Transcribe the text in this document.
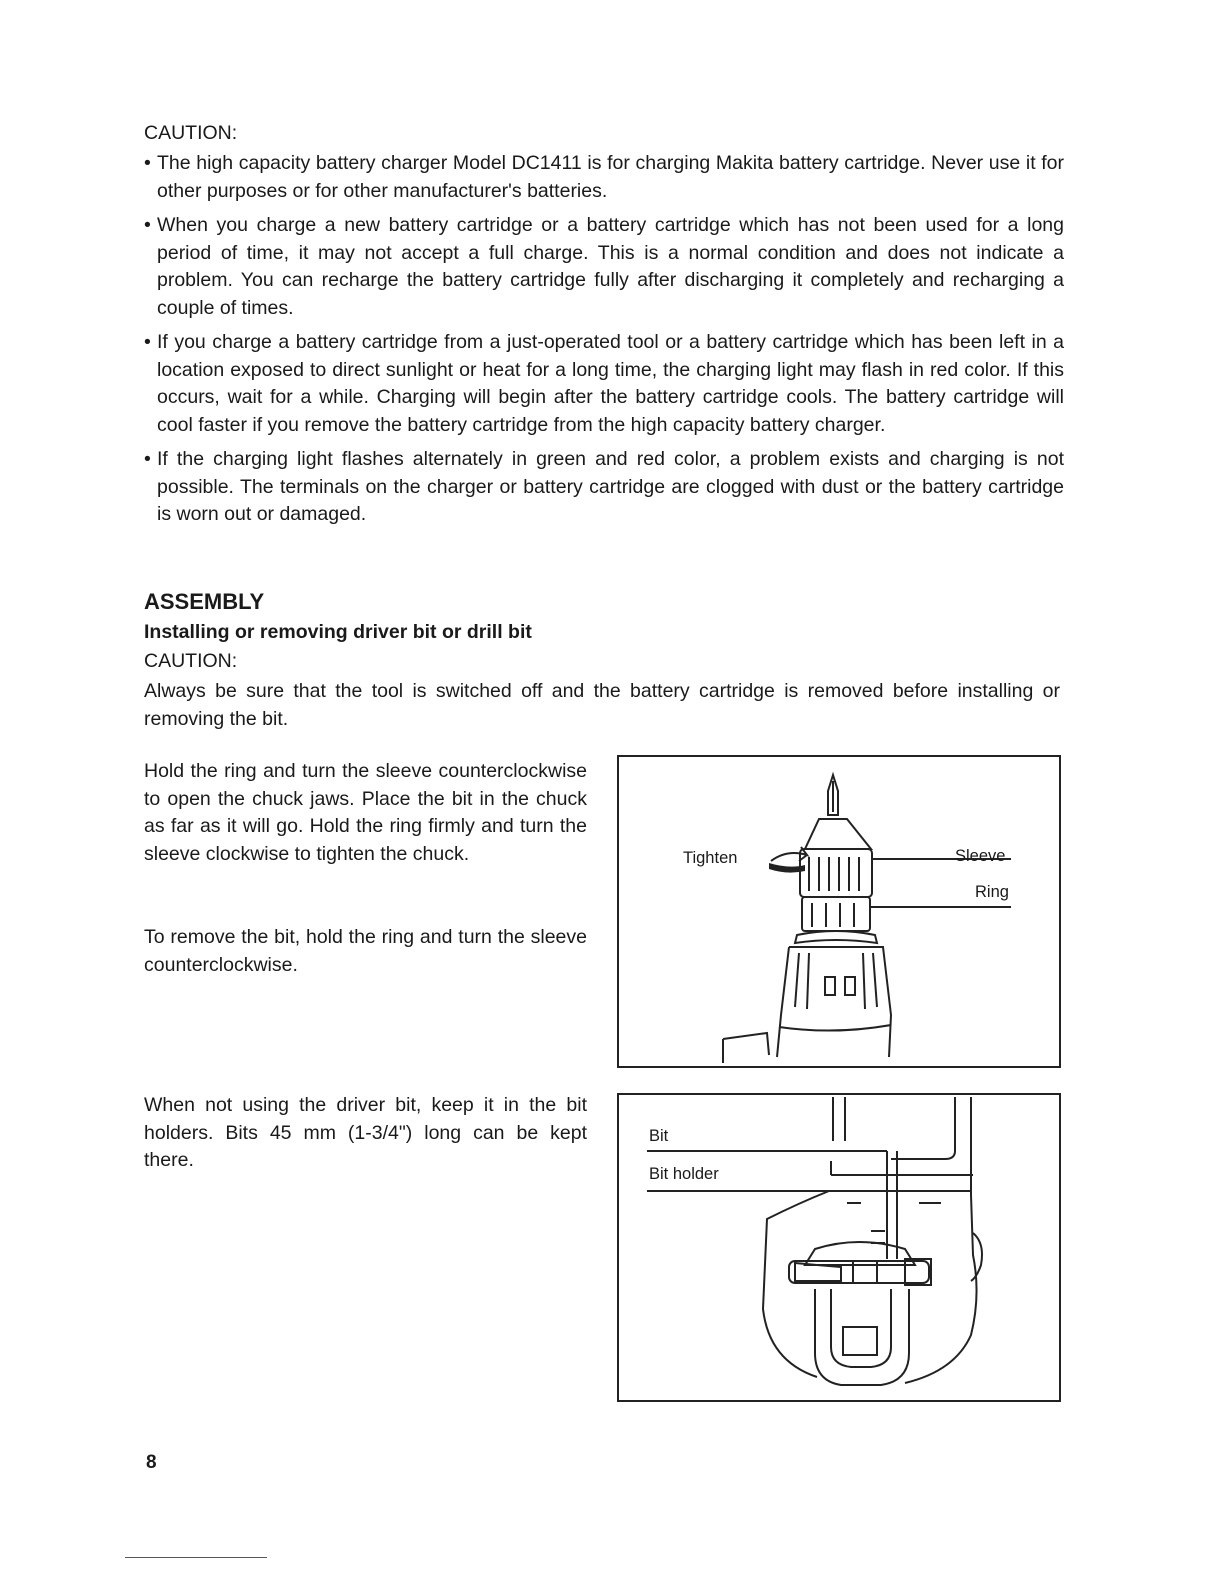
CAUTION:
• The high capacity battery charger Model DC1411 is for charging Makita battery cartridge. Never use it for other purposes or for other manufacturer's batteries.
• When you charge a new battery cartridge or a battery cartridge which has not been used for a long period of time, it may not accept a full charge. This is a normal condition and does not indicate a problem. You can recharge the battery cartridge fully after discharging it completely and recharging a couple of times.
• If you charge a battery cartridge from a just-operated tool or a battery cartridge which has been left in a location exposed to direct sunlight or heat for a long time, the charging light may flash in red color. If this occurs, wait for a while. Charging will begin after the battery cartridge cools. The battery cartridge will cool faster if you remove the battery cartridge from the high capacity battery charger.
• If the charging light flashes alternately in green and red color, a problem exists and charging is not possible. The terminals on the charger or battery cartridge are clogged with dust or the battery cartridge is worn out or damaged.
ASSEMBLY
Installing or removing driver bit or drill bit
CAUTION:
Always be sure that the tool is switched off and the battery cartridge is removed before installing or removing the bit.
Hold the ring and turn the sleeve counterclockwise to open the chuck jaws. Place the bit in the chuck as far as it will go. Hold the ring firmly and turn the sleeve clockwise to tighten the chuck.
To remove the bit, hold the ring and turn the sleeve counterclockwise.
When not using the driver bit, keep it in the bit holders. Bits 45 mm (1-3/4") long can be kept there.
Tighten	Sleeve
Ring
Bit
Bit holder
8
